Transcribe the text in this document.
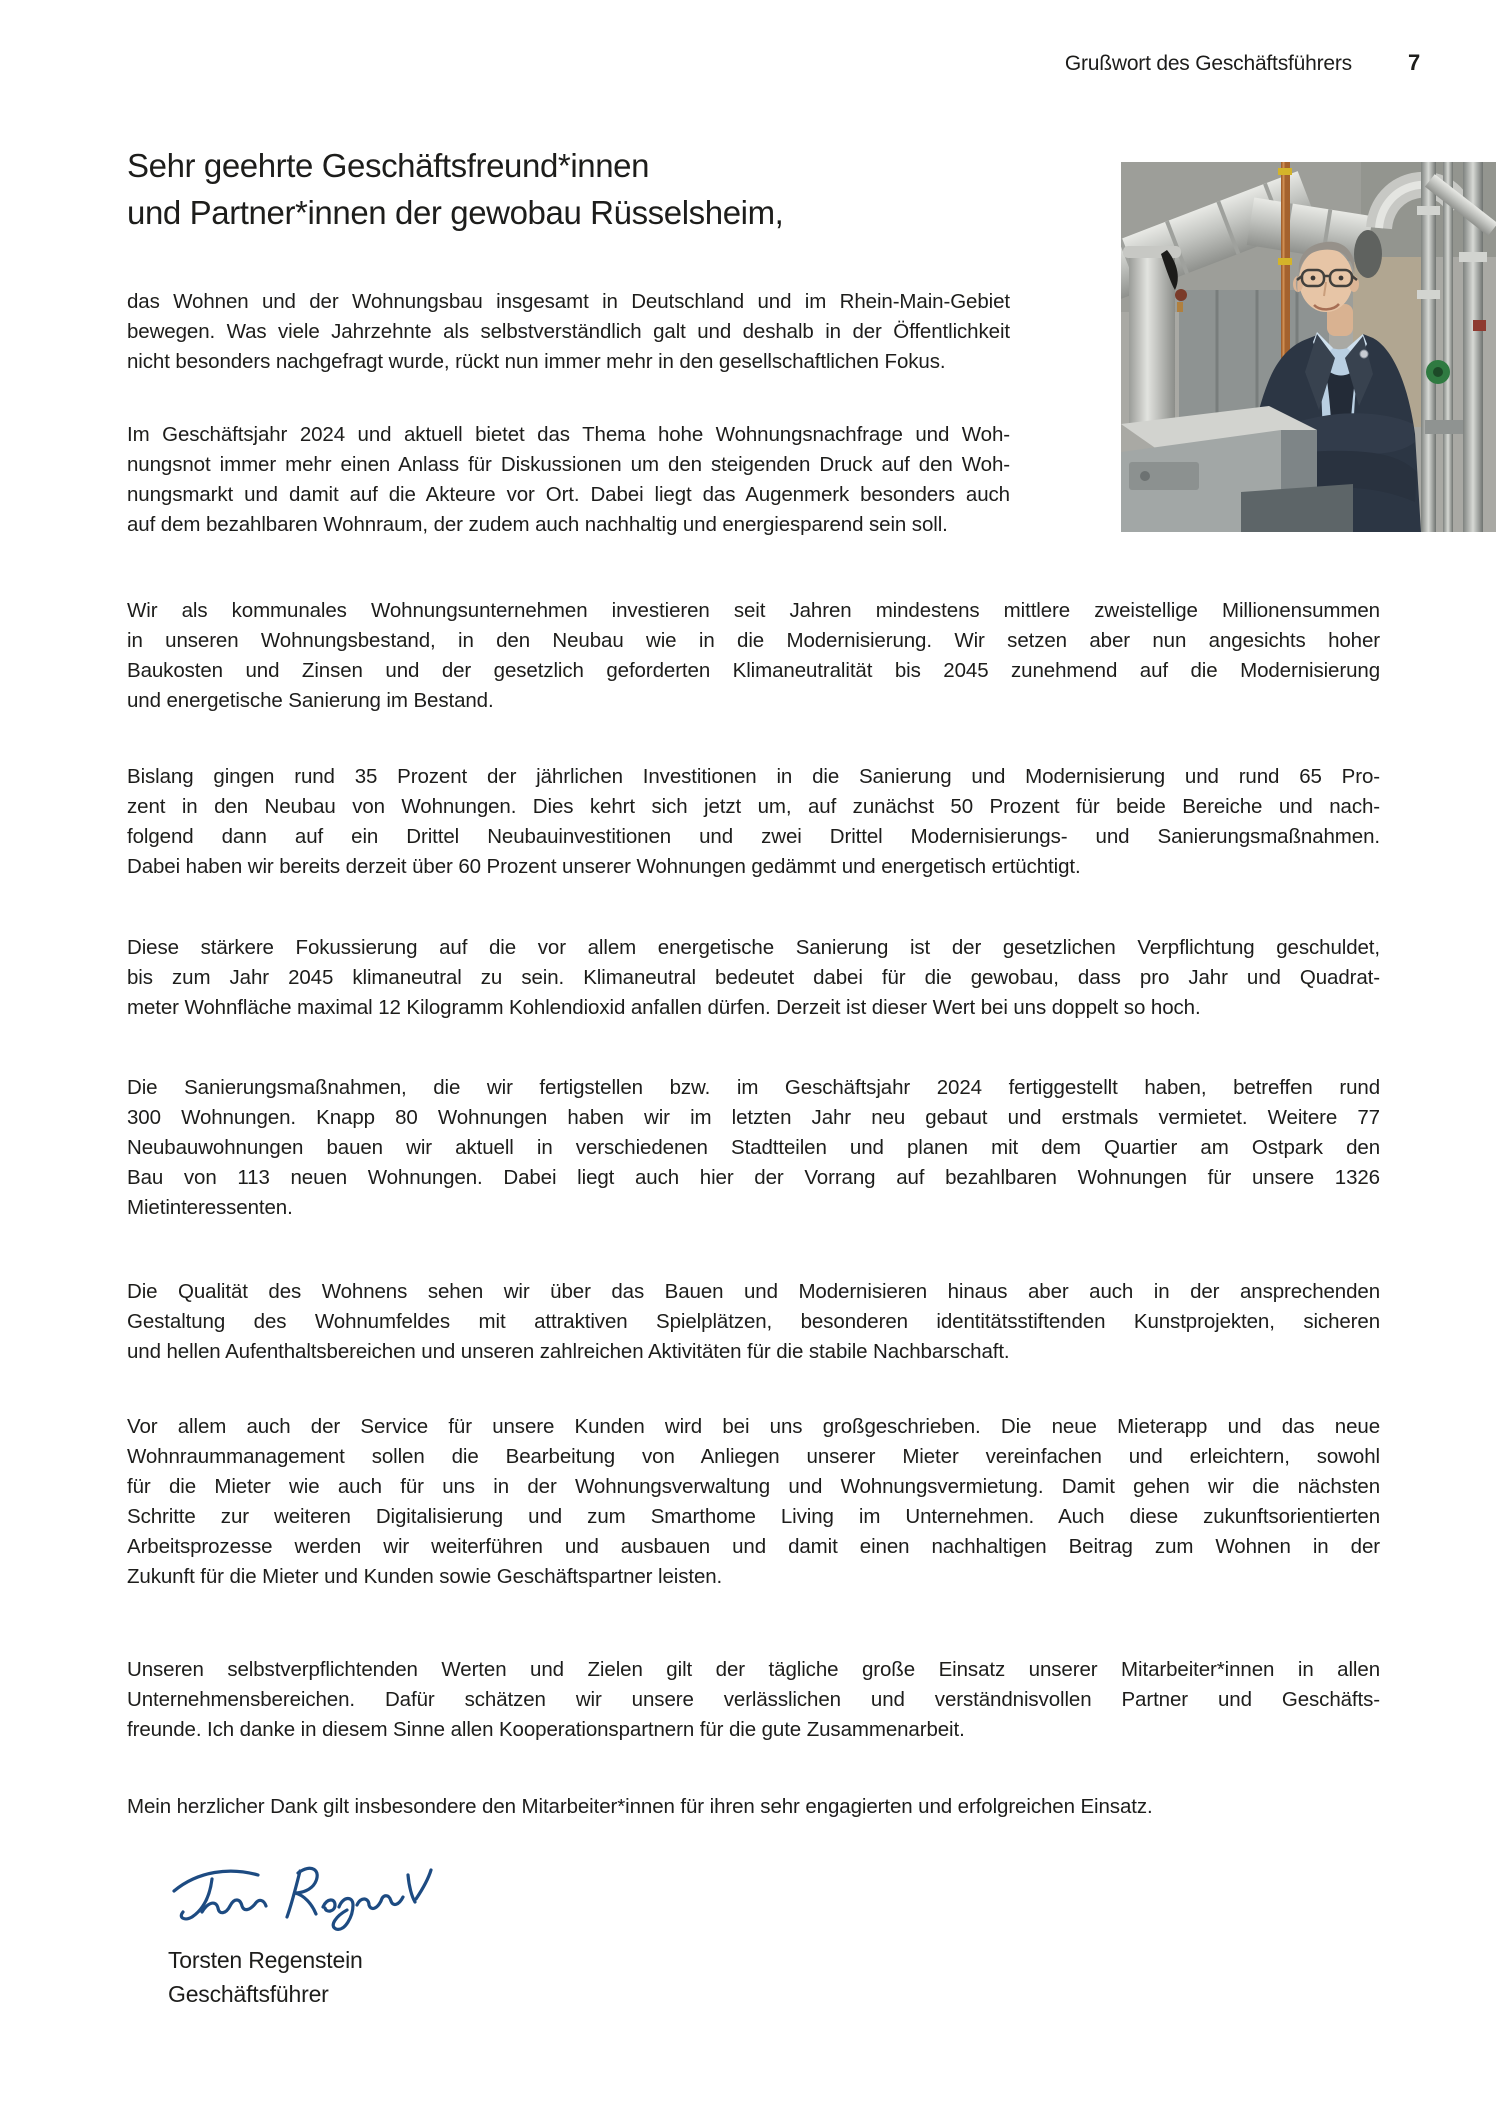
Grußwort des Geschäftsführers	7
Sehr geehrte Geschäftsfreund*innen
und Partner*innen der gewobau Rüsselsheim,
das Wohnen und der Wohnungsbau insgesamt in Deutschland und im Rhein-Main-Gebiet
bewegen. Was viele Jahrzehnte als selbstverständlich galt und deshalb in der Öffentlichkeit
nicht besonders nachgefragt wurde, rückt nun immer mehr in den gesellschaftlichen Fokus.
Im Geschäftsjahr 2024 und aktuell bietet das Thema hohe Wohnungsnachfrage und Woh-
nungsnot immer mehr einen Anlass für Diskussionen um den steigenden Druck auf den Woh-
nungsmarkt und damit auf die Akteure vor Ort. Dabei liegt das Augenmerk besonders auch
auf dem bezahlbaren Wohnraum, der zudem auch nachhaltig und energiesparend sein soll.
Wir als kommunales Wohnungsunternehmen investieren seit Jahren mindestens mittlere zweistellige Millionensummen
in unseren Wohnungsbestand, in den Neubau wie in die Modernisierung. Wir setzen aber nun angesichts hoher
Baukosten und Zinsen und der gesetzlich geforderten Klimaneutralität bis 2045 zunehmend auf die Modernisierung
und energetische Sanierung im Bestand.
Bislang gingen rund 35 Prozent der jährlichen Investitionen in die Sanierung und Modernisierung und rund 65 Pro-
zent in den Neubau von Wohnungen. Dies kehrt sich jetzt um, auf zunächst 50 Prozent für beide Bereiche und nach-
folgend dann auf ein Drittel Neubauinvestitionen und zwei Drittel Modernisierungs- und Sanierungsmaßnahmen.
Dabei haben wir bereits derzeit über 60 Prozent unserer Wohnungen gedämmt und energetisch ertüchtigt.
Diese stärkere Fokussierung auf die vor allem energetische Sanierung ist der gesetzlichen Verpflichtung geschuldet,
bis zum Jahr 2045 klimaneutral zu sein. Klimaneutral bedeutet dabei für die gewobau, dass pro Jahr und Quadrat-
meter Wohnfläche maximal 12 Kilogramm Kohlendioxid anfallen dürfen. Derzeit ist dieser Wert bei uns doppelt so hoch.
Die Sanierungsmaßnahmen, die wir fertigstellen bzw. im Geschäftsjahr 2024 fertiggestellt haben, betreffen rund
300 Wohnungen. Knapp 80 Wohnungen haben wir im letzten Jahr neu gebaut und erstmals vermietet. Weitere 77
Neubauwohnungen bauen wir aktuell in verschiedenen Stadtteilen und planen mit dem Quartier am Ostpark den
Bau von 113 neuen Wohnungen. Dabei liegt auch hier der Vorrang auf bezahlbaren Wohnungen für unsere 1326
Mietinteressenten.
Die Qualität des Wohnens sehen wir über das Bauen und Modernisieren hinaus aber auch in der ansprechenden
Gestaltung des Wohnumfeldes mit attraktiven Spielplätzen, besonderen identitätsstiftenden Kunstprojekten, sicheren
und hellen Aufenthaltsbereichen und unseren zahlreichen Aktivitäten für die stabile Nachbarschaft.
Vor allem auch der Service für unsere Kunden wird bei uns großgeschrieben. Die neue Mieterapp und das neue
Wohnraummanagement sollen die Bearbeitung von Anliegen unserer Mieter vereinfachen und erleichtern, sowohl
für die Mieter wie auch für uns in der Wohnungsverwaltung und Wohnungsvermietung. Damit gehen wir die nächsten
Schritte zur weiteren Digitalisierung und zum Smarthome Living im Unternehmen. Auch diese zukunftsorientierten
Arbeitsprozesse werden wir weiterführen und ausbauen und damit einen nachhaltigen Beitrag zum Wohnen in der
Zukunft für die Mieter und Kunden sowie Geschäftspartner leisten.
Unseren selbstverpflichtenden Werten und Zielen gilt der tägliche große Einsatz unserer Mitarbeiter*innen in allen
Unternehmensbereichen. Dafür schätzen wir unsere verlässlichen und verständnisvollen Partner und Geschäfts-
freunde. Ich danke in diesem Sinne allen Kooperationspartnern für die gute Zusammenarbeit.
Mein herzlicher Dank gilt insbesondere den Mitarbeiter*innen für ihren sehr engagierten und erfolgreichen Einsatz.
Torsten Regenstein
Geschäftsführer
